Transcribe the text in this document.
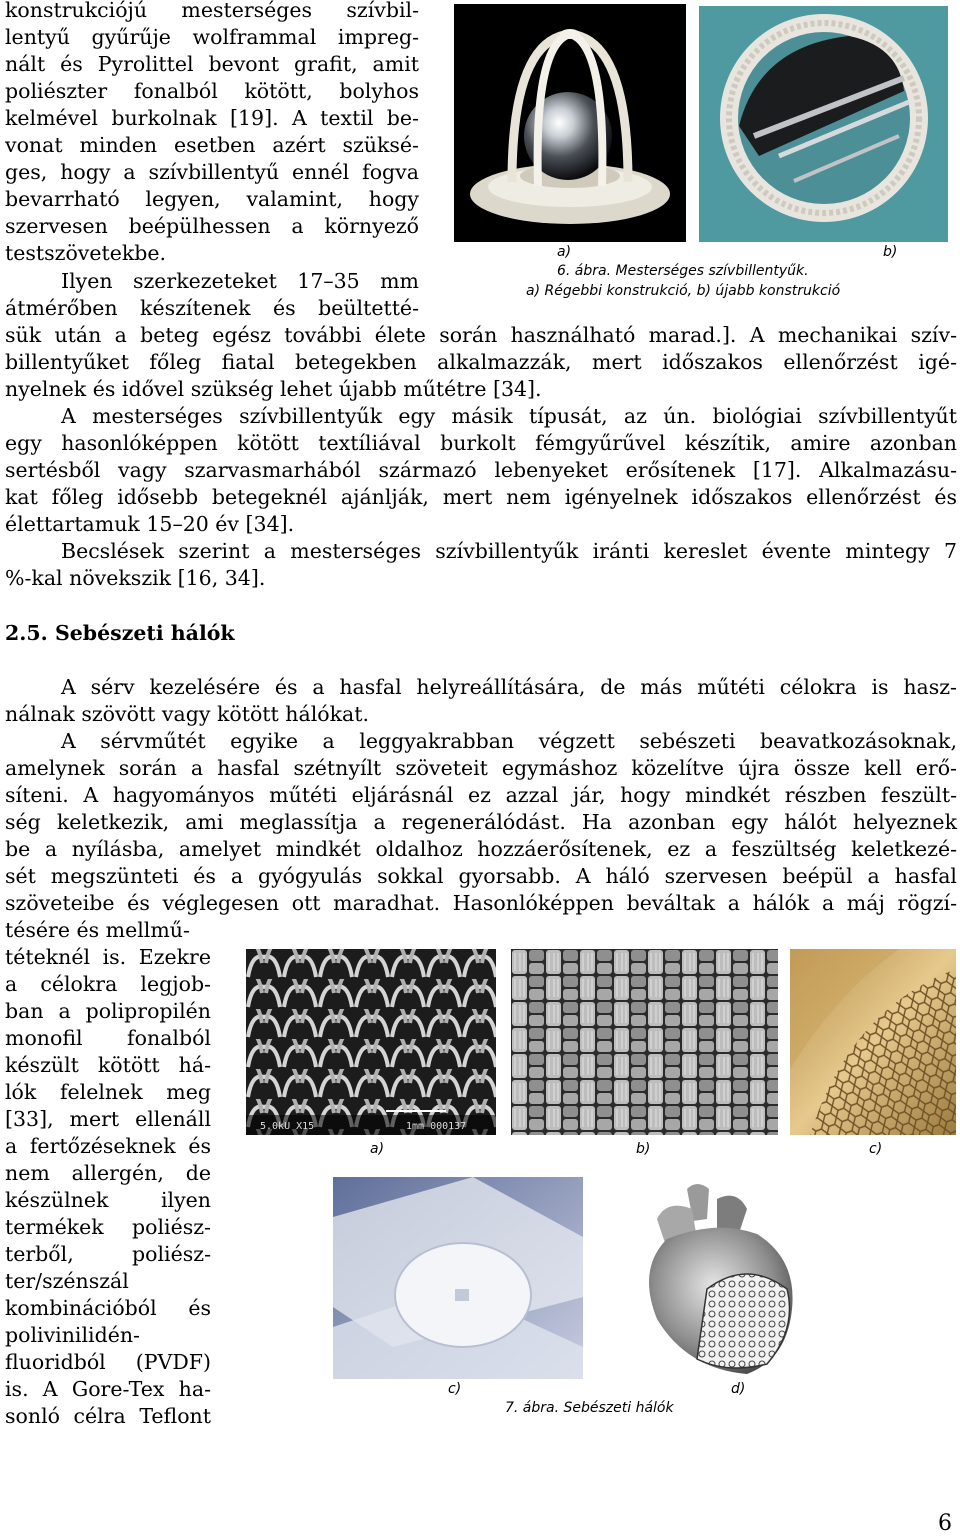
konstrukciójú mesterséges szívbil-

lentyű gyűrűje wolframmal impreg-

nált és Pyrolittel bevont grafit, amit

poliészter fonalból kötött, bolyhos

kelmével burkolnak [19]. A textil be-

vonat minden esetben azért szüksé-

ges, hogy a szívbillentyű ennél fogva

bevarrható legyen, valamint, hogy

szervesen beépülhessen a környező

testszövetekbe.

Ilyen szerkezeteket 17–35 mm

átmérőben készítenek és beültetté-

a)	b)

6. ábra. Mesterséges szívbillentyűk.

a) Régebbi konstrukció, b) újabb konstrukció

sük után a beteg egész további élete során használható marad.]. A mechanikai szív-

billentyűket főleg fiatal betegekben alkalmazzák, mert időszakos ellenőrzést igé-

nyelnek és idővel szükség lehet újabb műtétre [34].

A mesterséges szívbillentyűk egy másik típusát, az ún. biológiai szívbillentyűt

egy hasonlóképpen kötött textíliával burkolt fémgyűrűvel készítik, amire azonban

sertésből vagy szarvasmarhából származó lebenyeket erősítenek [17]. Alkalmazásu-

kat főleg idősebb betegeknél ajánlják, mert nem igényelnek időszakos ellenőrzést és

élettartamuk 15–20 év [34].

Becslések szerint a mesterséges szívbillentyűk iránti kereslet évente mintegy 7

%-kal növekszik [16, 34].

2.5. Sebészeti hálók

A sérv kezelésére és a hasfal helyreállítására, de más műtéti célokra is hasz-

nálnak szövött vagy kötött hálókat.

A sérvműtét egyike a leggyakrabban végzett sebészeti beavatkozásoknak,

amelynek során a hasfal szétnyílt szöveteit egymáshoz közelítve újra össze kell erő-

síteni. A hagyományos műtéti eljárásnál ez azzal jár, hogy mindkét részben feszült-

ség keletkezik, ami meglassítja a regenerálódást. Ha azonban egy hálót helyeznek

be a nyílásba, amelyet mindkét oldalhoz hozzáerősítenek, ez a feszültség keletkezé-

sét megszünteti és a gyógyulás sokkal gyorsabb. A háló szervesen beépül a hasfal

szöveteibe és véglegesen ott maradhat. Hasonlóképpen beváltak a hálók a máj rögzí-

tésére és mellmű-

téteknél is. Ezekre

a célokra legjob-

ban a polipropilén

monofil fonalból

készült kötött há-

lók felelnek meg

[33], mert ellenáll

a fertőzéseknek és

nem allergén, de

készülnek ilyen

termékek poliész-

terből, poliész-

ter/szénszál

kombinációból és

polivinilidén-

fluoridból (PVDF)

is. A Gore-Tex ha-

sonló célra Teflont

5.0kU X15	1mm 000137

a)	b)	c)

c)	d)

7. ábra. Sebészeti hálók

6
